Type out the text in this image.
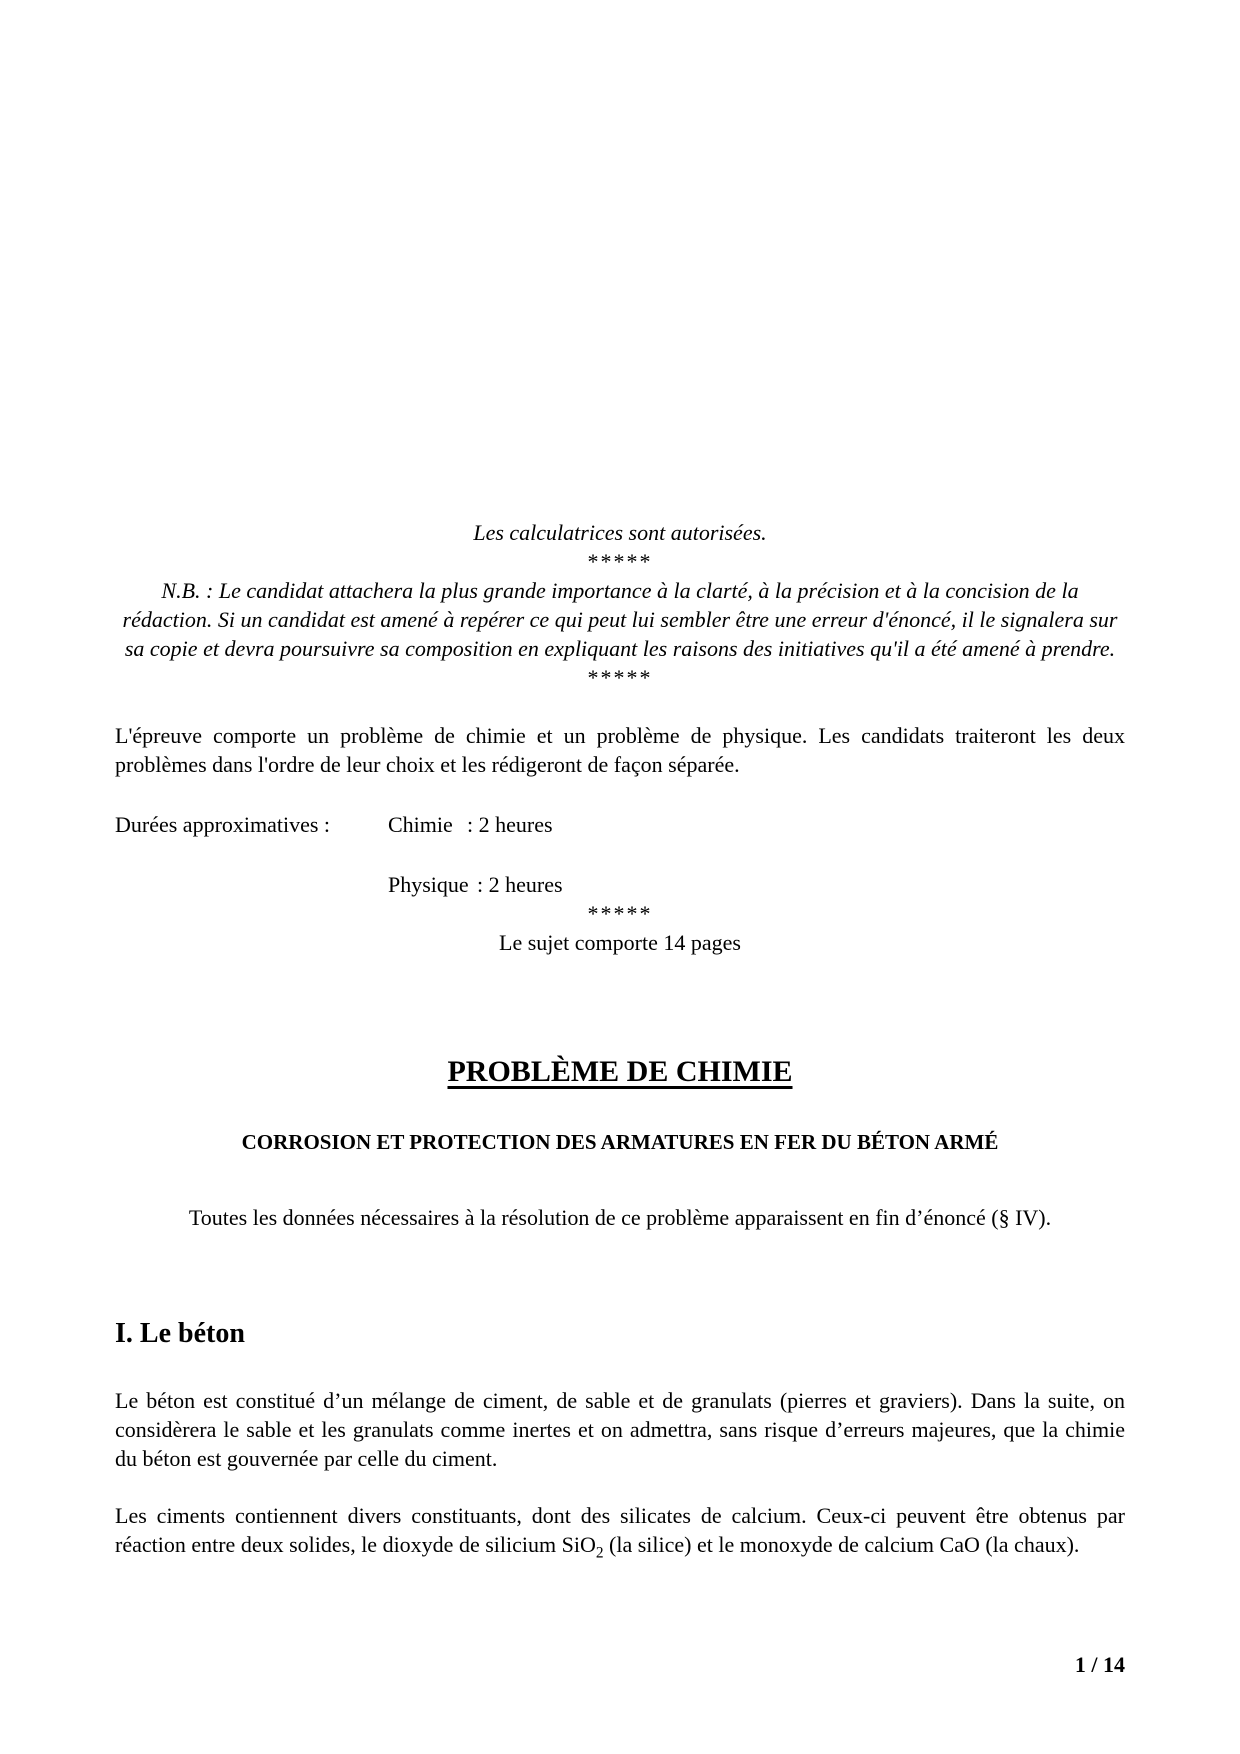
Les calculatrices sont autorisées.

*****

N.B. : Le candidat attachera la plus grande importance à la clarté, à la précision et à la concision de la rédaction. Si un candidat est amené à repérer ce qui peut lui sembler être une erreur d'énoncé, il le signalera sur sa copie et devra poursuivre sa composition en expliquant les raisons des initiatives qu'il a été amené à prendre.

*****

L'épreuve comporte un problème de chimie et un problème de physique. Les candidats traiteront les deux problèmes dans l'ordre de leur choix et les rédigeront de façon séparée.

Durées approximatives :	Chimie : 2 heures
Physique : 2 heures

*****

Le sujet comporte 14 pages

PROBLÈME DE CHIMIE

CORROSION ET PROTECTION DES ARMATURES EN FER DU BÉTON ARMÉ

Toutes les données nécessaires à la résolution de ce problème apparaissent en fin d’énoncé (§ IV).

I. Le béton

Le béton est constitué d’un mélange de ciment, de sable et de granulats (pierres et graviers). Dans la suite, on considèrera le sable et les granulats comme inertes et on admettra, sans risque d’erreurs majeures, que la chimie du béton est gouvernée par celle du ciment.

Les ciments contiennent divers constituants, dont des silicates de calcium. Ceux-ci peuvent être obtenus par réaction entre deux solides, le dioxyde de silicium SiO$_2$ (la silice) et le monoxyde de calcium CaO (la chaux).

1 / 14
